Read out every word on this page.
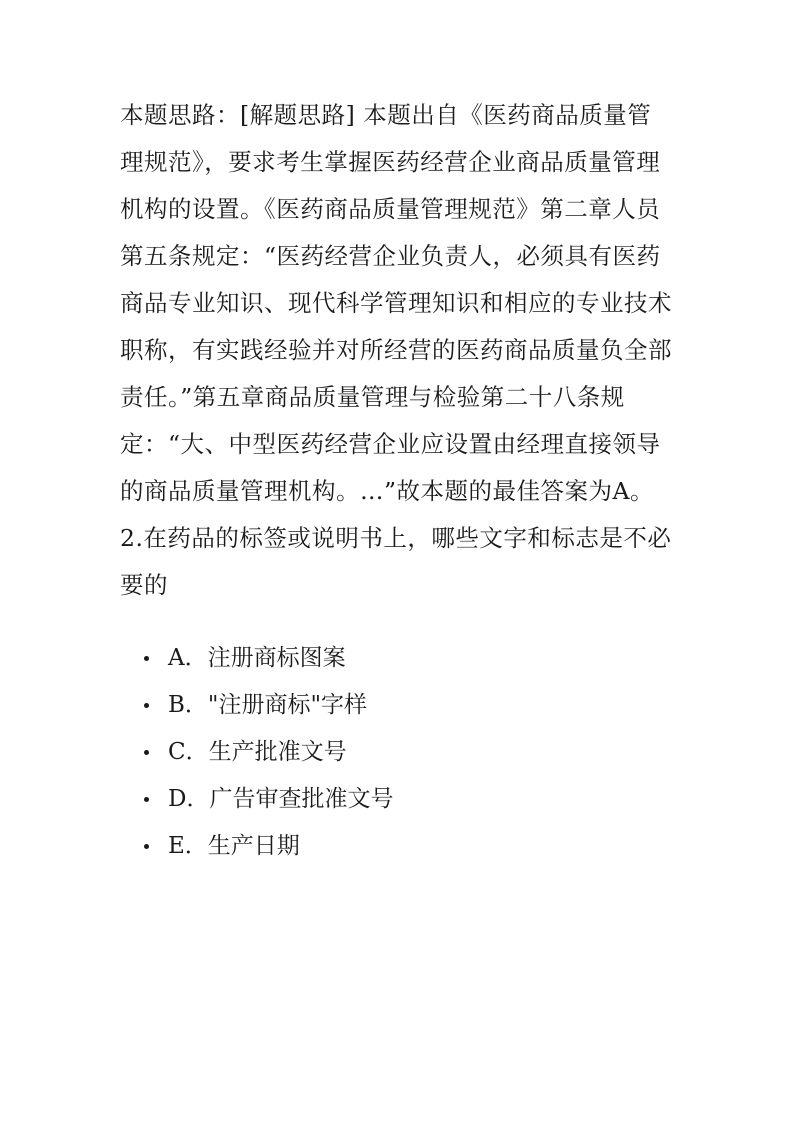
本题思路：[解题思路] 本题出自《医药商品质量管
理规范》，要求考生掌握医药经营企业商品质量管理
机构的设置。《医药商品质量管理规范》第二章人员
第五条规定：“医药经营企业负责人，必须具有医药
商品专业知识、现代科学管理知识和相应的专业技术
职称，有实践经验并对所经营的医药商品质量负全部
责任。”第五章商品质量管理与检验第二十八条规
定：“大、中型医药经营企业应设置由经理直接领导
的商品质量管理机构。…”故本题的最佳答案为A。
2.在药品的标签或说明书上，哪些文字和标志是不必
要的
A．注册商标图案
B．"注册商标"字样
C．生产批准文号
D．广告审查批准文号
E．生产日期
